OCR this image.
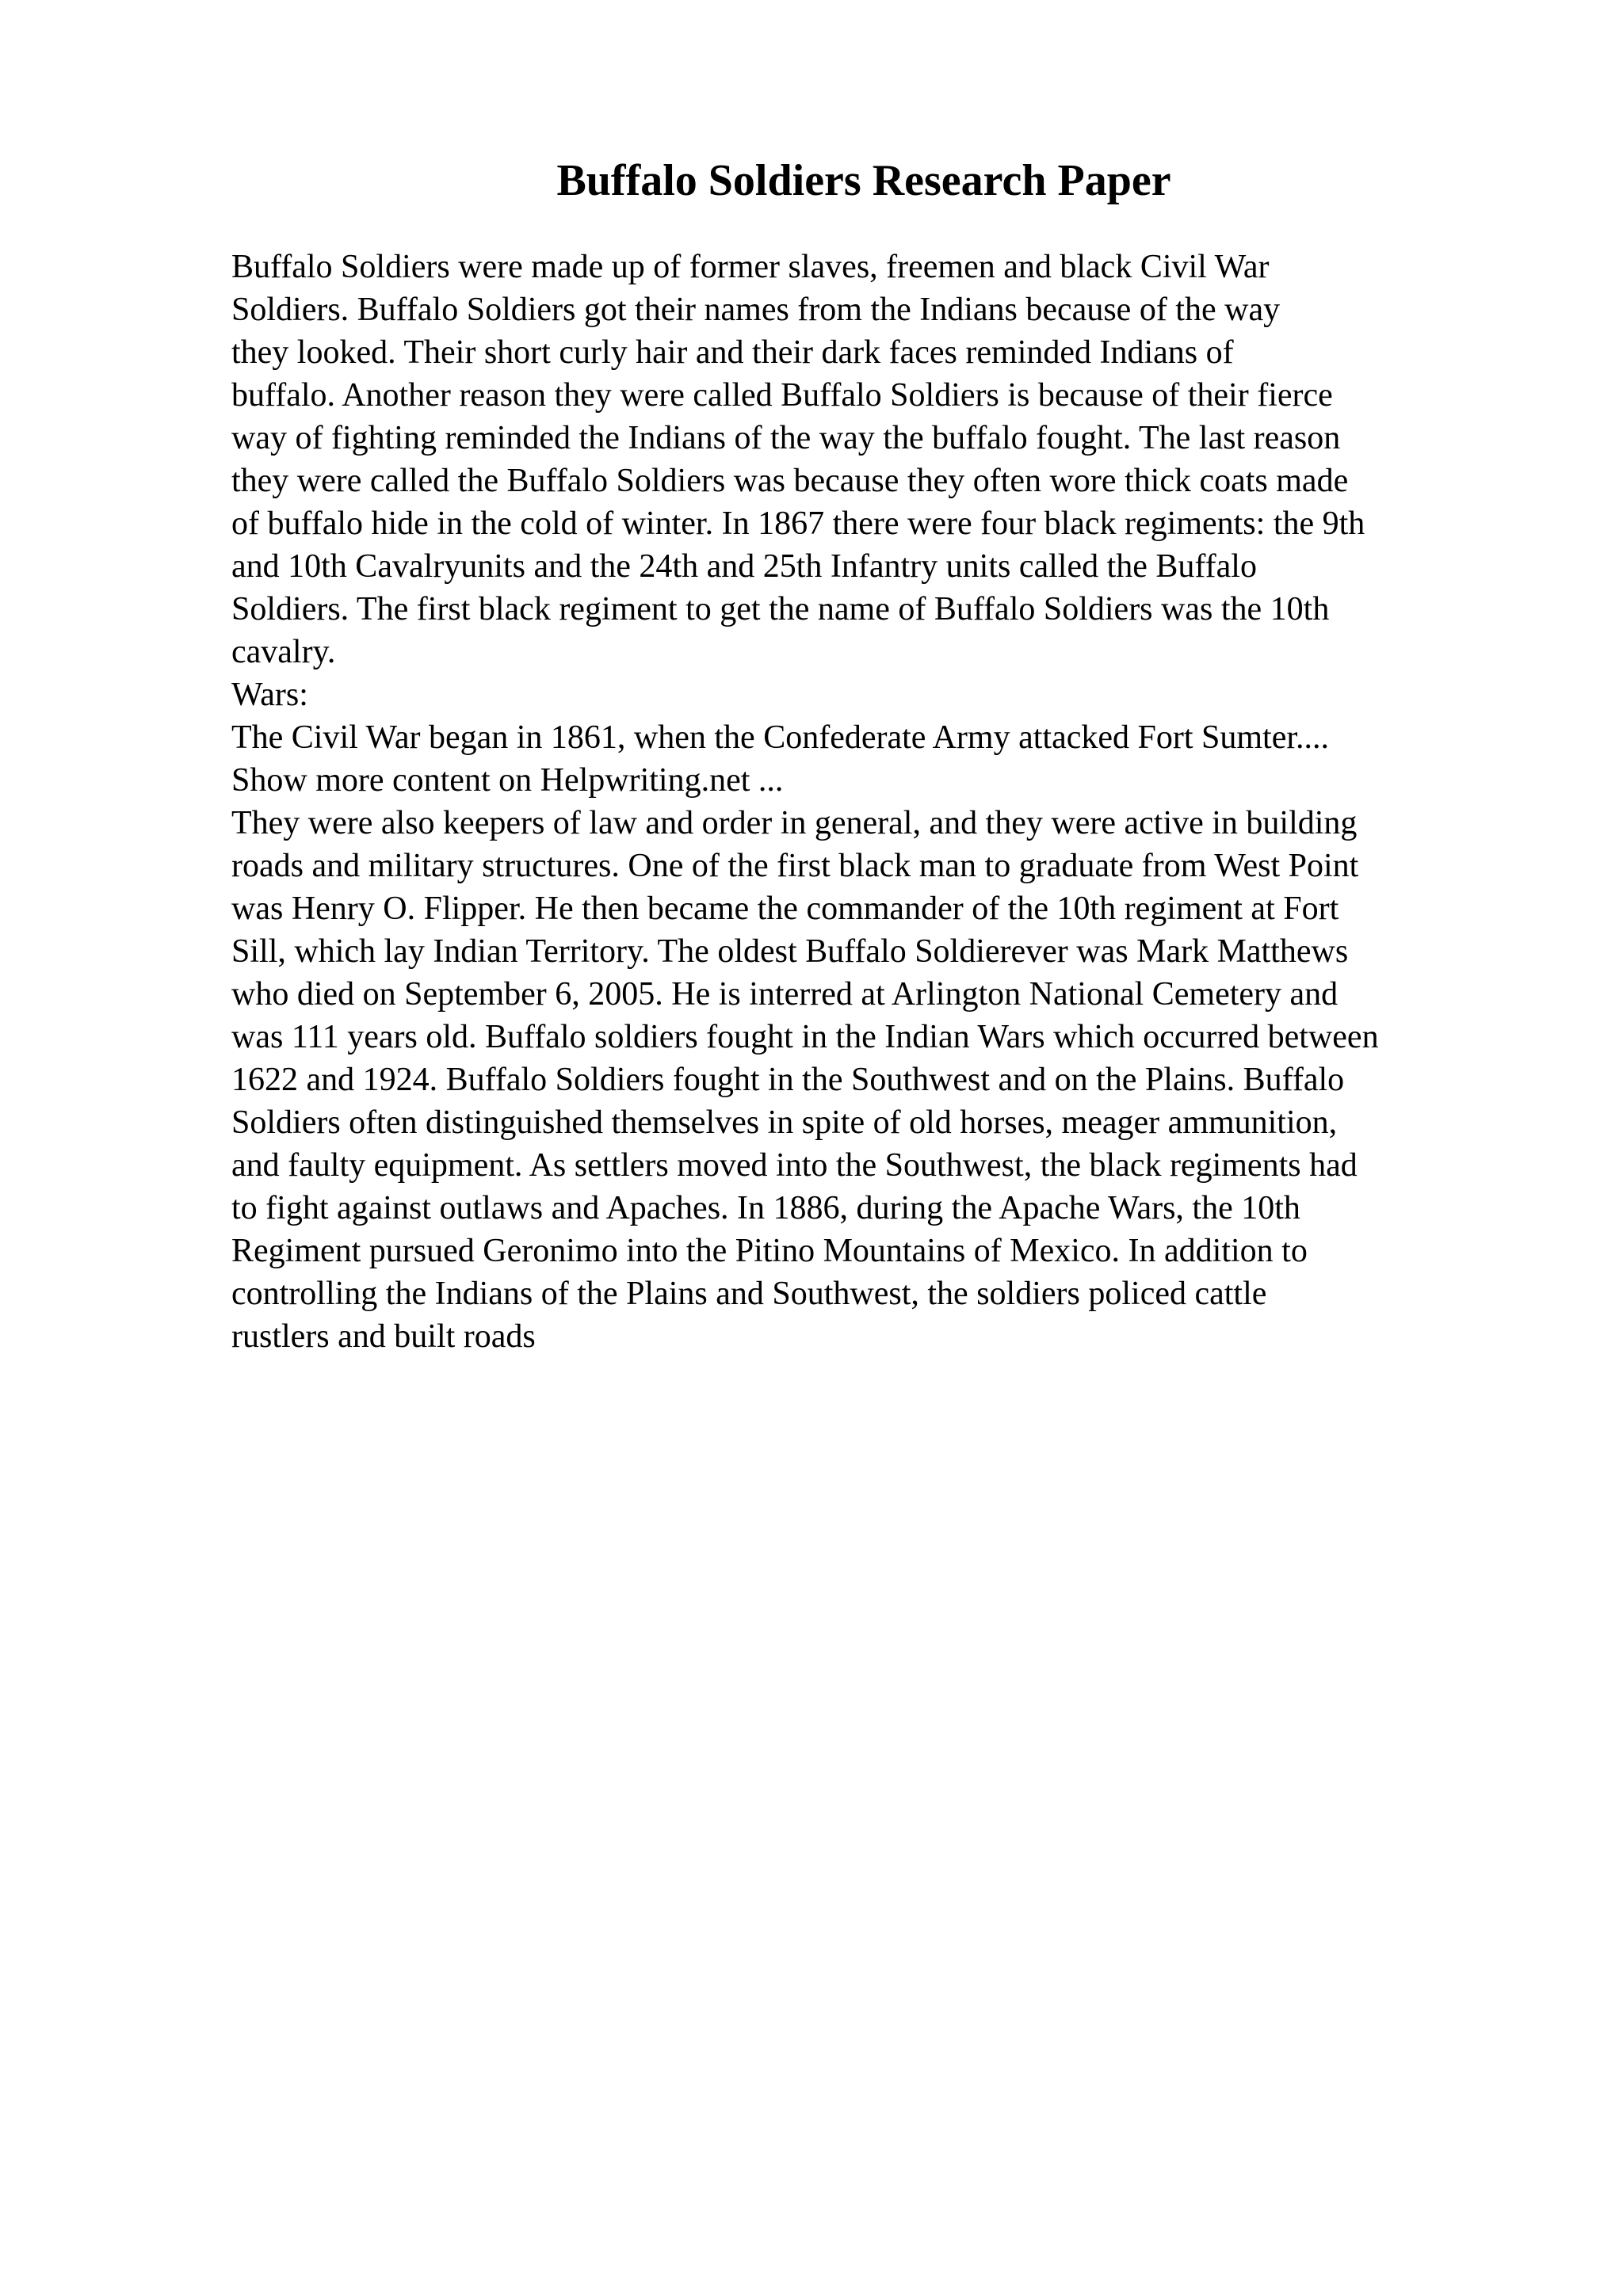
Buffalo Soldiers Research Paper
Buffalo Soldiers were made up of former slaves, freemen and black Civil War
Soldiers. Buffalo Soldiers got their names from the Indians because of the way
they looked. Their short curly hair and their dark faces reminded Indians of
buffalo. Another reason they were called Buffalo Soldiers is because of their fierce
way of fighting reminded the Indians of the way the buffalo fought. The last reason
they were called the Buffalo Soldiers was because they often wore thick coats made
of buffalo hide in the cold of winter. In 1867 there were four black regiments: the 9th
and 10th Cavalryunits and the 24th and 25th Infantry units called the Buffalo
Soldiers. The first black regiment to get the name of Buffalo Soldiers was the 10th
cavalry.
Wars:
The Civil War began in 1861, when the Confederate Army attacked Fort Sumter....
Show more content on Helpwriting.net ...
They were also keepers of law and order in general, and they were active in building
roads and military structures. One of the first black man to graduate from West Point
was Henry O. Flipper. He then became the commander of the 10th regiment at Fort
Sill, which lay Indian Territory. The oldest Buffalo Soldierever was Mark Matthews
who died on September 6, 2005. He is interred at Arlington National Cemetery and
was 111 years old. Buffalo soldiers fought in the Indian Wars which occurred between
1622 and 1924. Buffalo Soldiers fought in the Southwest and on the Plains. Buffalo
Soldiers often distinguished themselves in spite of old horses, meager ammunition,
and faulty equipment. As settlers moved into the Southwest, the black regiments had
to fight against outlaws and Apaches. In 1886, during the Apache Wars, the 10th
Regiment pursued Geronimo into the Pitino Mountains of Mexico. In addition to
controlling the Indians of the Plains and Southwest, the soldiers policed cattle
rustlers and built roads
